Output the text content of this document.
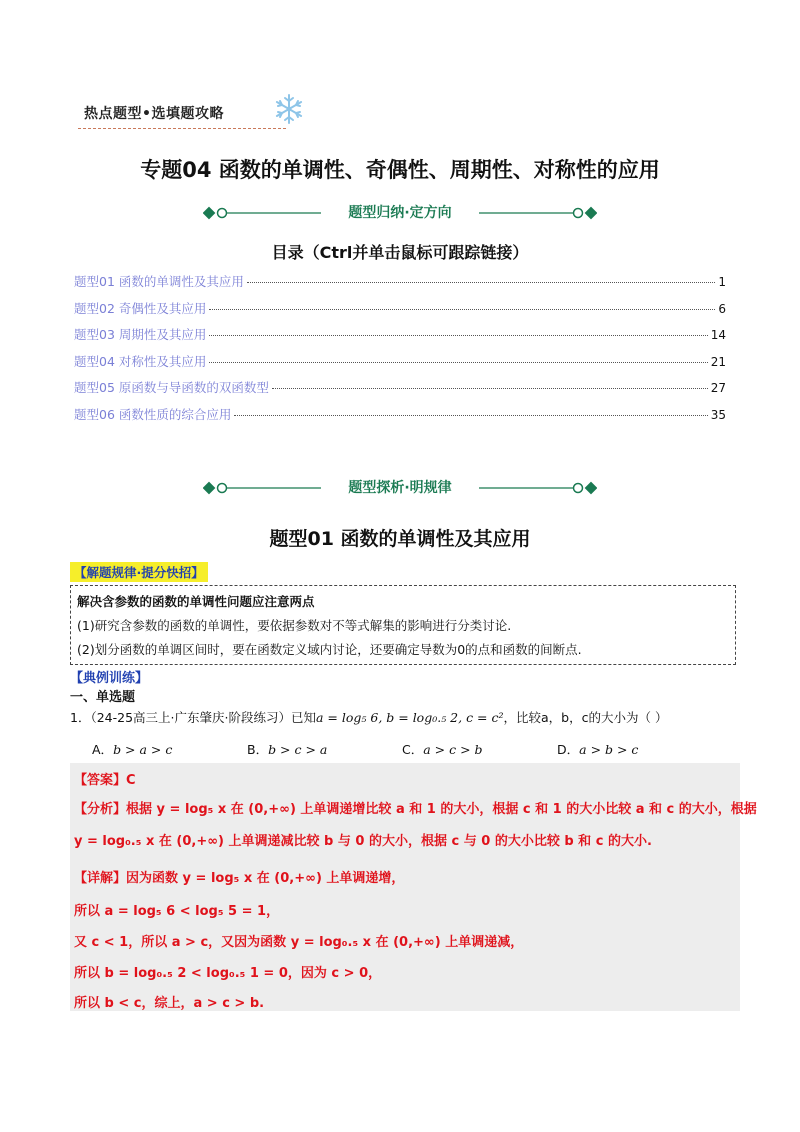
热点题型•选填题攻略
专题04 函数的单调性、奇偶性、周期性、对称性的应用
题型归纳·定方向
目录（Ctrl并单击鼠标可跟踪链接）
题型01 函数的单调性及其应用	1
题型02 奇偶性及其应用	6
题型03 周期性及其应用	14
题型04 对称性及其应用	21
题型05 原函数与导函数的双函数型	27
题型06 函数性质的综合应用	35
题型探析·明规律
题型01 函数的单调性及其应用
【解题规律·提分快招】
解决含参数的函数的单调性问题应注意两点
(1)研究含参数的函数的单调性，要依据参数对不等式解集的影响进行分类讨论.
(2)划分函数的单调区间时，要在函数定义域内讨论，还要确定导数为0的点和函数的间断点.
【典例训练】
一、单选题
1．（24-25高三上·广东肇庆·阶段练习）已知a = log₅ 6, b = log₀.₅ 2, c = c²，比较a，b，c的大小为（ ）
A．b > a > c	B．b > c > a	C．a > c > b	D．a > b > c
【答案】C
【分析】根据 y = log₅ x 在 (0,+∞) 上单调递增比较 a 和 1 的大小，根据 c 和 1 的大小比较 a 和 c 的大小，根据
y = log₀.₅ x 在 (0,+∞) 上单调递减比较 b 与 0 的大小，根据 c 与 0 的大小比较 b 和 c 的大小.
【详解】因为函数 y = log₅ x 在 (0,+∞) 上单调递增，
所以 a = log₅ 6 < log₅ 5 = 1，
又 c < 1，所以 a > c，又因为函数 y = log₀.₅ x 在 (0,+∞) 上单调递减，
所以 b = log₀.₅ 2 < log₀.₅ 1 = 0，因为 c > 0，
所以 b < c，综上，a > c > b.
